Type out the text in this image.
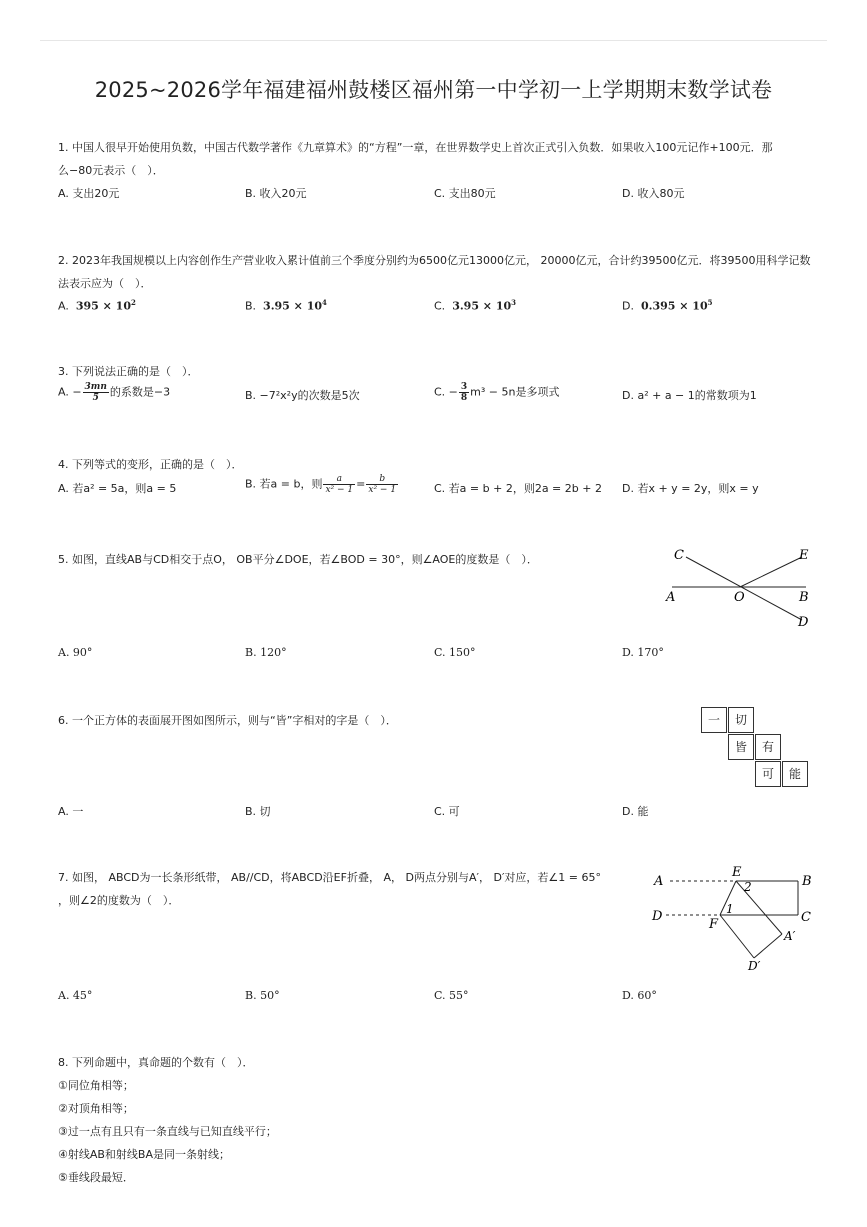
2025~2026学年福建福州鼓楼区福州第一中学初一上学期期末数学试卷
1. 中国人很早开始使用负数，中国古代数学著作《九章算术》的“方程”一章，在世界数学史上首次正式引入负数．如果收入100元记作+100元．那
么−80元表示（　）．
A. 支出20元	B. 收入20元	C. 支出80元	D. 收入80元
2. 2023年我国规模以上内容创作生产营业收入累计值前三个季度分别约为6500亿元13000亿元， 20000亿元，合计约39500亿元．将39500用科学记数
法表示应为（　）．
A. $395 \times 10^2$	B. $3.95 \times 10^4$	C. $3.95 \times 10^3$	D. $0.395 \times 10^5$
3. 下列说法正确的是（　）．
A. − $\frac{3mn}{5}$ 的系数是−3	B. −7²x²y的次数是5次	C. − $\frac{3}{8} m^3 - 5n$是多项式	D. a² + a − 1的常数项为1
4. 下列等式的变形，正确的是（　）．
A. 若a² = 5a，则a = 5	B. 若a = b，则 $\frac{a}{\text{x² − 1}} = \frac{b}{\text{x² − 1}}$	C. 若a = b + 2，则2a = 2b + 2 D. 若x + y = 2y，则x = y
5. 如图，直线AB与CD相交于点O， OB平分∠DOE，若∠BOD = 30°，则∠AOE的度数是（　）．	C	E
A	O	B
D
A. 90°	B. 120°	C. 150°	D. 170°
6. 一个正方体的表面展开图如图所示，则与“皆”字相对的字是（　）．	一	切
皆	有
可	能
A. 一	B. 切	C. 可	D. 能
7. 如图， ABCD为一长条形纸带， AB//CD，将ABCD沿EF折叠， A， D两点分别与A′， D′对应，若∠1 = 65°
，则∠2的度数为（　）．
A
E
2	B
D	1
C
F
A′
D′
A. 45°	B. 50°	C. 55°	D. 60°
8. 下列命题中，真命题的个数有（　）．
①同位角相等；
②对顶角相等；
③过一点有且只有一条直线与已知直线平行；
④射线AB和射线BA是同一条射线；
⑤垂线段最短．
